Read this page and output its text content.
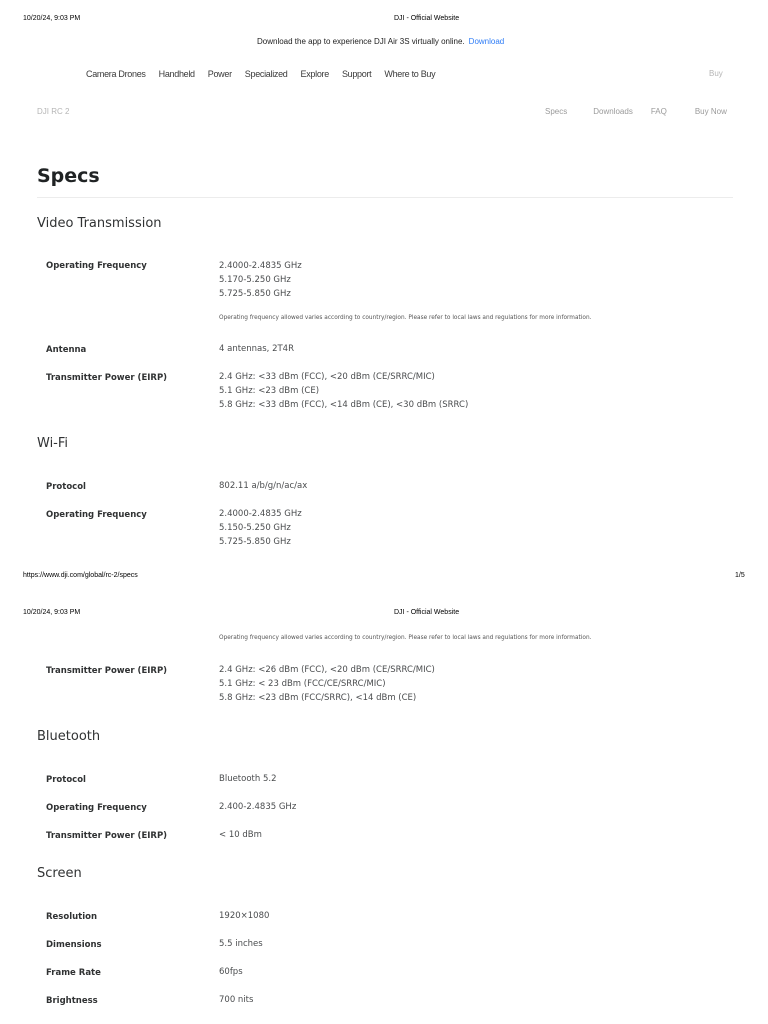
10/20/24, 9:03 PM	DJI - Official Website
Download the app to experience DJI Air 3S virtually online. Download
Camera Drones Handheld Power Specialized Explore Support Where to Buy	Buy
DJI RC 2	Specs	Downloads FAQ	Buy Now
Specs
Video Transmission
Operating Frequency	2.4000-2.4835 GHz
5.170-5.250 GHz
5.725-5.850 GHz
Operating frequency allowed varies according to country/region. Please refer to local laws and regulations for more information.
Antenna	4 antennas, 2T4R
Transmitter Power (EIRP)	2.4 GHz: <33 dBm (FCC), <20 dBm (CE/SRRC/MIC)
5.1 GHz: <23 dBm (CE)
5.8 GHz: <33 dBm (FCC), <14 dBm (CE), <30 dBm (SRRC)
Wi-Fi
Protocol	802.11 a/b/g/n/ac/ax
Operating Frequency	2.4000-2.4835 GHz
5.150-5.250 GHz
5.725-5.850 GHz
https://www.dji.com/global/rc-2/specs	1/5
10/20/24, 9:03 PM	DJI - Official Website
Operating frequency allowed varies according to country/region. Please refer to local laws and regulations for more information.
Transmitter Power (EIRP)	2.4 GHz: <26 dBm (FCC), <20 dBm (CE/SRRC/MIC)
5.1 GHz: < 23 dBm (FCC/CE/SRRC/MIC)
5.8 GHz: <23 dBm (FCC/SRRC), <14 dBm (CE)
Bluetooth
Protocol	Bluetooth 5.2
Operating Frequency	2.400-2.4835 GHz
Transmitter Power (EIRP)	< 10 dBm
Screen
Resolution	1920×1080
Dimensions	5.5 inches
Frame Rate	60fps
Brightness	700 nits
